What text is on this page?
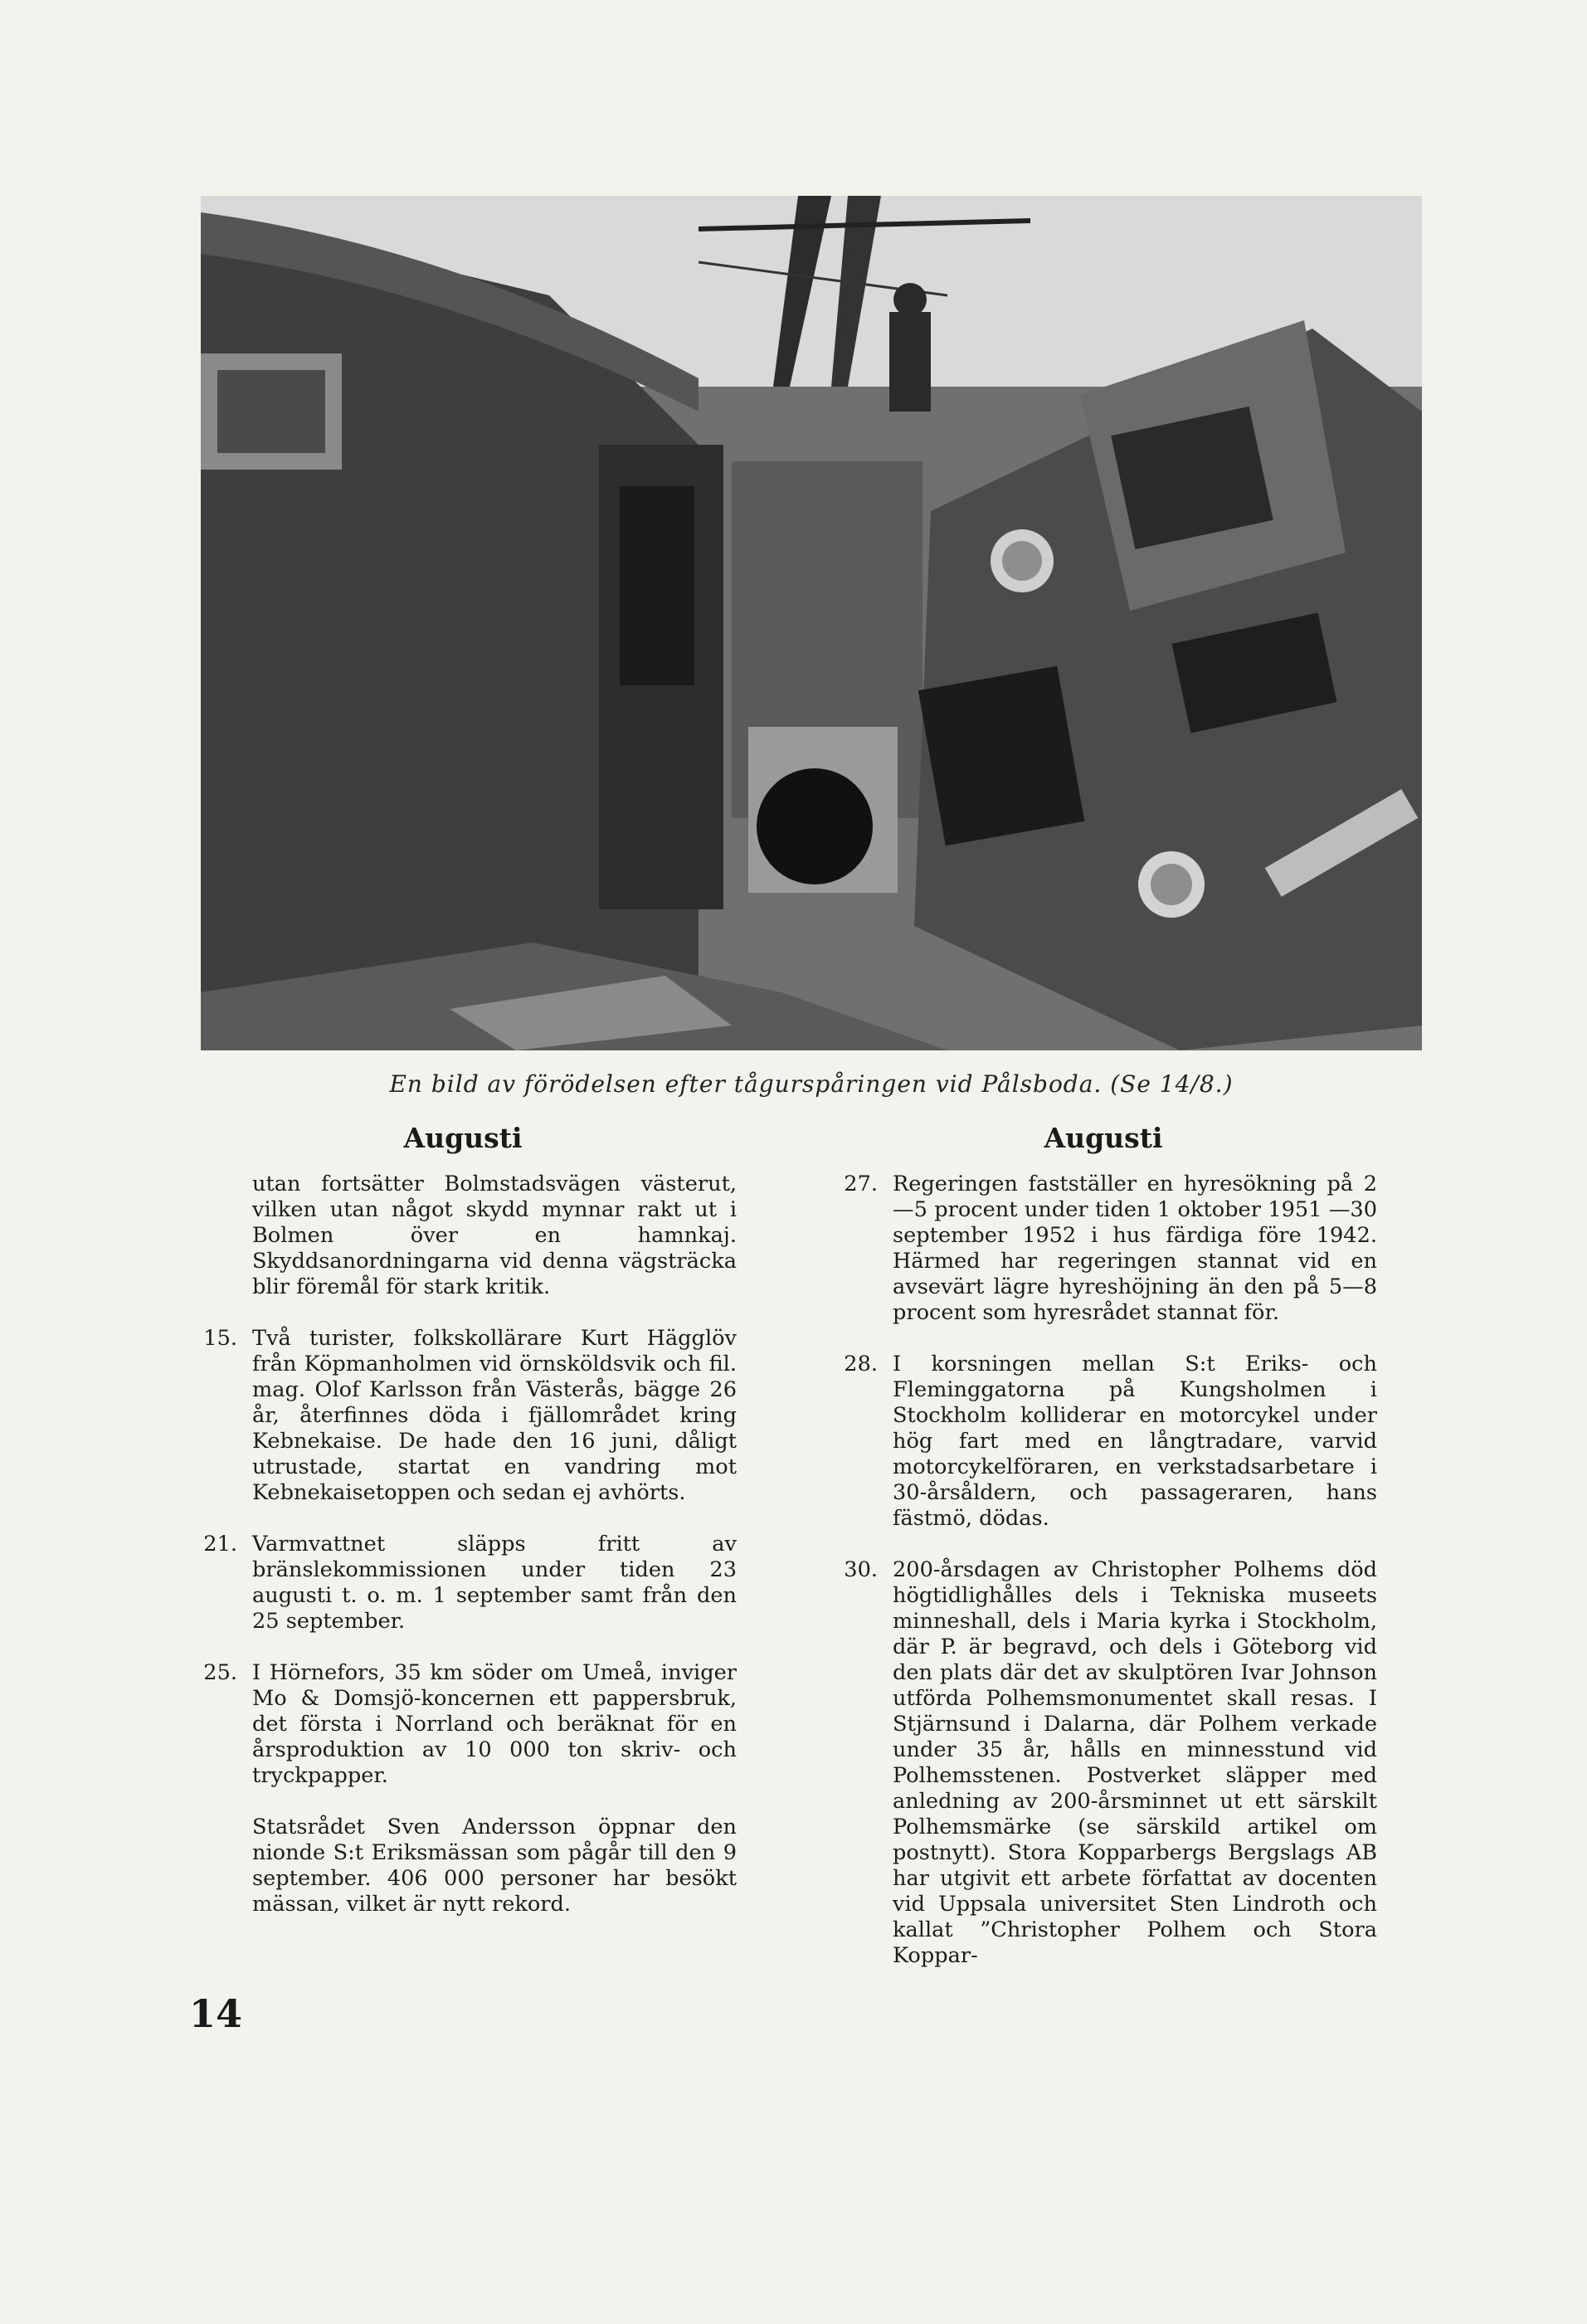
En bild av förödelsen efter tågurspåringen vid Pålsboda. (Se 14/8.)
Augusti	Augusti
utan fortsätter Bolmstadsvägen västerut, vilken utan något skydd mynnar rakt ut i Bolmen över en hamnkaj. Skyddsanordningarna vid denna vägsträcka blir föremål för stark kritik.
15. Två turister, folkskollärare Kurt Hägglöv från Köpmanholmen vid örnsköldsvik och fil. mag. Olof Karlsson från Västerås, bägge 26 år, återfinnes döda i fjällområdet kring Kebnekaise. De hade den 16 juni, dåligt utrustade, startat en vandring mot Kebnekaisetoppen och sedan ej avhörts.
21. Varmvattnet släpps fritt av bränslekommissionen under tiden 23 augusti t. o. m. 1 september samt från den 25 september.
25. I Hörnefors, 35 km söder om Umeå, inviger Mo & Domsjö-koncernen ett pappersbruk, det första i Norrland och beräknat för en årsproduktion av 10 000 ton skriv- och tryckpapper.
Statsrådet Sven Andersson öppnar den nionde S:t Eriksmässan som pågår till den 9 september. 406 000 personer har besökt mässan, vilket är nytt rekord.
27. Regeringen fastställer en hyresökning på 2—5 procent under tiden 1 oktober 1951 —30 september 1952 i hus färdiga före 1942. Härmed har regeringen stannat vid en avsevärt lägre hyreshöjning än den på 5—8 procent som hyresrådet stannat för.
28. I korsningen mellan S:t Eriks- och Fleminggatorna på Kungsholmen i Stockholm kolliderar en motorcykel under hög fart med en långtradare, varvid motorcykelföraren, en verkstadsarbetare i 30-årsåldern, och passageraren, hans fästmö, dödas.
30. 200-årsdagen av Christopher Polhems död högtidlighålles dels i Tekniska museets minneshall, dels i Maria kyrka i Stockholm, där P. är begravd, och dels i Göteborg vid den plats där det av skulptören Ivar Johnson utförda Polhemsmonumentet skall resas. I Stjärnsund i Dalarna, där Polhem verkade under 35 år, hålls en minnesstund vid Polhemsstenen. Postverket släpper med anledning av 200-årsminnet ut ett särskilt Polhemsmärke (se särskild artikel om postnytt). Stora Kopparbergs Bergslags AB har utgivit ett arbete författat av docenten vid Uppsala universitet Sten Lindroth och kallat ”Christopher Polhem och Stora Koppar-
14
